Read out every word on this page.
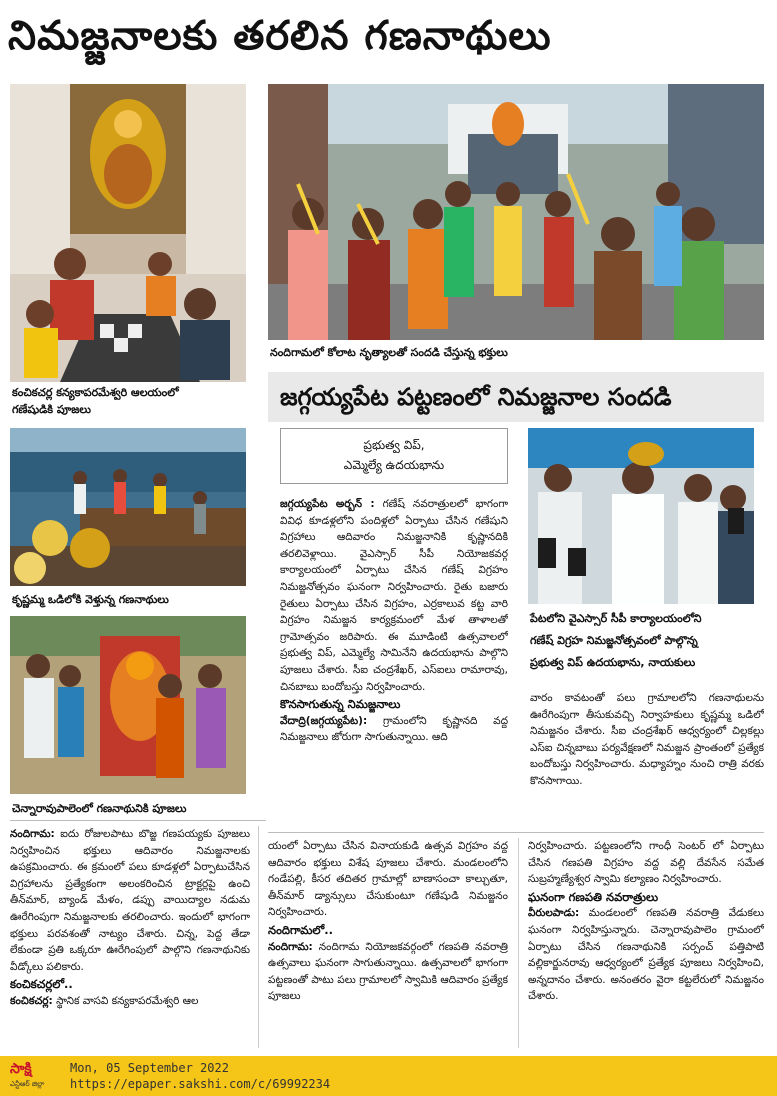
నిమజ్జనాలకు తరలిన గణనాథులు
కంచికచర్ల కన్యకాపరమేశ్వరి ఆలయంలో
గణేషుడికి పూజలు
కృష్ణమ్మ ఒడిలోకి వెళ్తున్న గణనాథులు
చెన్నారావుపాలెంలో గణనాథునికి పూజలు
నందిగామలో కోలాట నృత్యాలతో సందడి చేస్తున్న భక్తులు
జగ్గయ్యపేట పట్టణంలో నిమజ్జనాల సందడి
ప్రభుత్వ విప్,
ఎమ్మెల్యే ఉదయభాను

జగ్గయ్యపేట అర్బన్ : గణేష్ నవరాత్రులలో భాగంగా వివిధ కూడళ్లలోని పందిళ్లలో ఏర్పాటు చేసిన గణేషుని విగ్రహాలు ఆదివారం నిమజ్జనానికి కృష్ణానదికి తరలివెళ్లాయి. వైఎస్సార్ సీపీ నియోజకవర్గ కార్యాలయంలో ఏర్పాటు చేసిన గణేష్ విగ్రహం నిమజ్జనోత్సవం ఘనంగా నిర్వహించారు. రైతు బజారు రైతులు ఏర్పాటు చేసిన విగ్రహం, ఎర్రకాలువ కట్ట వారి విగ్రహం నిమజ్జన కార్యక్రమంలో మేళ తాళాలతో గ్రామోత్సవం జరిపారు. ఈ మూడింటి ఉత్సవాలలో ప్రభుత్వ విప్, ఎమ్మెల్యే సామినేని ఉదయభాను పాల్గొని పూజలు చేశారు. సీఐ చంద్రశేఖర్, ఎస్ఐలు రామారావు, చినబాబు బందోబస్తు నిర్వహించారు.

కొనసాగుతున్న నిమజ్జనాలు

వేదాద్రి(జగ్గయ్యపేట): గ్రామంలోని కృష్ణానది వద్ద నిమజ్జనాలు జోరుగా సాగుతున్నాయి. ఆది

పేటలోని వైఎస్సార్ సీపీ కార్యాలయంలోని
గణేష్ విగ్రహ నిమజ్జనోత్సవంలో పాల్గొన్న
ప్రభుత్వ విప్ ఉదయభాను, నాయకులు

వారం కావటంతో పలు గ్రామాలలోని గణనాథులను ఊరేగింపుగా తీసుకువచ్చి నిర్వాహకులు కృష్ణమ్మ ఒడిలో నిమజ్జనం చేశారు. సీఐ చంద్రశేఖర్ ఆధ్వర్యంలో చిల్లకల్లు ఎస్ఐ చిన్నబాబు పర్యవేక్షణలో నిమజ్జన ప్రాంతంలో ప్రత్యేక బందోబస్తు నిర్వహించారు. మధ్యాహ్నం నుంచి రాత్రి వరకు కొనసాగాయి.

నందిగామ: ఐదు రోజులపాటు బొజ్జ గణపయ్యకు పూజలు నిర్వహించిన భక్తులు ఆదివారం నిమజ్జనాలకు ఉపక్రమించారు. ఈ క్రమంలో పలు కూడళ్లలో ఏర్పాటుచేసిన విగ్రహాలను ప్రత్యేకంగా అలంకరించిన ట్రాక్టర్లపై ఉంచి తీన్‌మార్, బ్యాండ్ మేళం, డప్పు వాయిద్యాల నడుమ ఊరేగింపుగా నిమజ్జనాలకు తరలించారు. ఇందులో భాగంగా భక్తులు పరవశంతో నాట్యం చేశారు. చిన్న, పెద్ద తేడా లేకుండా ప్రతి ఒక్కరూ ఊరేగింపులో పాల్గొని గణనాథునికు వీడ్కోలు పలికారు.

కంచికచర్లలో..

కంచికచర్ల: స్థానిక వాసవి కన్యకాపరమేశ్వరి ఆల

యంలో ఏర్పాటు చేసిన వినాయకుడి ఉత్సవ విగ్రహం వద్ద ఆదివారం భక్తులు విశేష పూజలు చేశారు. మండలంలోని గండేపల్లి, కీసర తదితర గ్రామాల్లో బాణాసంచా కాల్చుతూ, తీన్‌మార్ డ్యాన్సులు చేసుకుంటూ గణేషుడి నిమజ్జనం నిర్వహించారు.

నందిగామలో..

నందిగామ: నందిగామ నియోజకవర్గంలో గణపతి నవరాత్రి ఉత్సవాలు ఘనంగా సాగుతున్నాయి. ఉత్సవాలలో భాగంగా పట్టణంతో పాటు పలు గ్రామాలలో స్వామికి ఆదివారం ప్రత్యేక పూజలు

నిర్వహించారు. పట్టణంలోని గాంధీ సెంటర్ లో ఏర్పాటు చేసిన గణపతి విగ్రహం వద్ద వల్లి దేవసేన సమేత సుబ్రహ్మణ్యేశ్వర స్వామి కల్యాణం నిర్వహించారు.

ఘనంగా గణపతి నవరాత్రులు

వీరులపాడు: మండలంలో గణపతి నవరాత్రి వేడుకలు ఘనంగా నిర్వహిస్తున్నారు. చెన్నారావుపాలెం గ్రామంలో ఏర్పాటు చేసిన గణనాథునికి సర్పంచ్ పత్తిపాటి వల్లికార్జునరావు ఆధ్వర్యంలో ప్రత్యేక పూజలు నిర్వహించి, అన్నదానం చేశారు. అనంతరం వైరా కట్టలేరులో నిమజ్జనం చేశారు.

సాక్షి
ఎన్టీఆర్ జిల్లా
Mon, 05 September 2022
https://epaper.sakshi.com/c/69992234
